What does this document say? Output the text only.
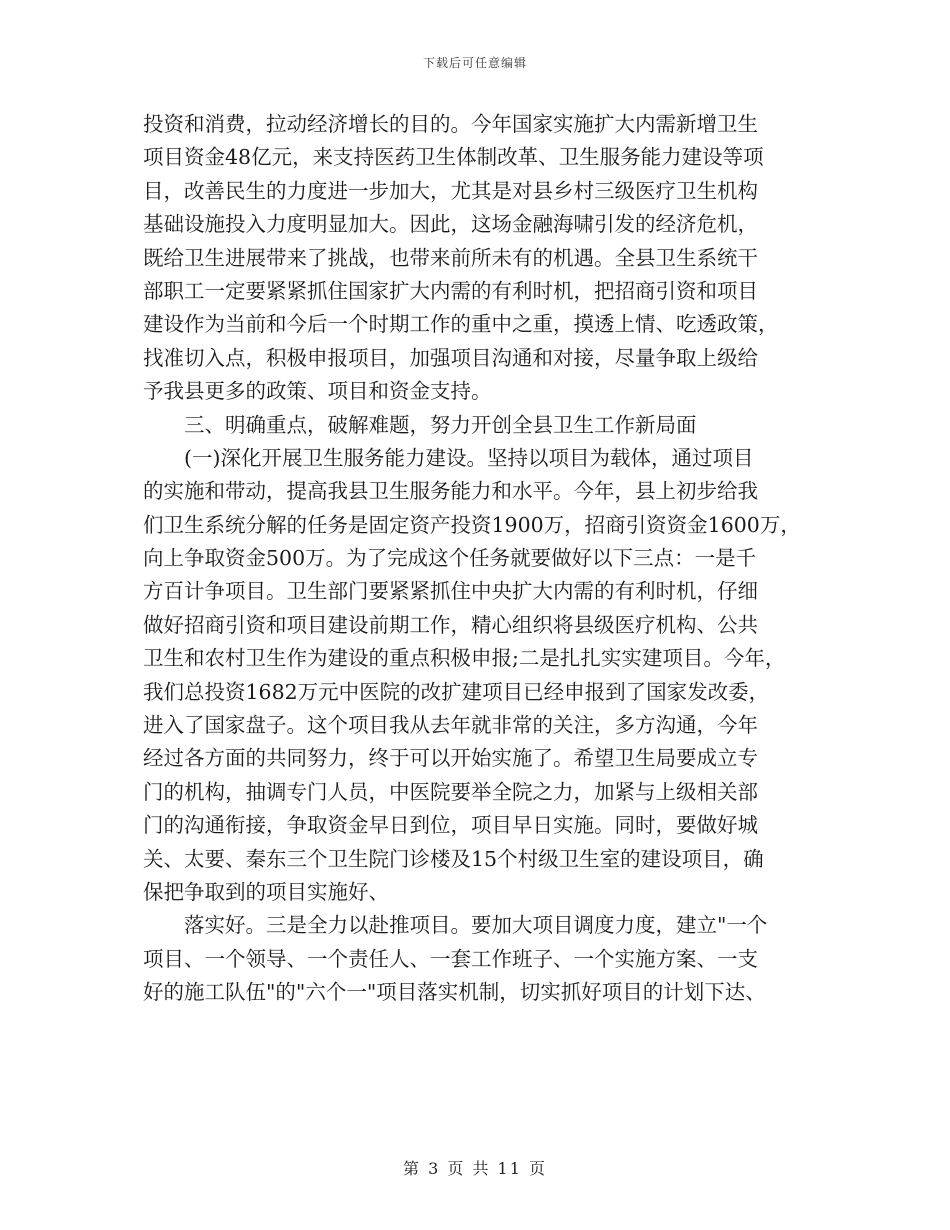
下载后可任意编辑
投资和消费，拉动经济增长的目的。今年国家实施扩大内需新增卫生
项目资金48亿元，来支持医药卫生体制改革、卫生服务能力建设等项
目，改善民生的力度进一步加大，尤其是对县乡村三级医疗卫生机构
基础设施投入力度明显加大。因此，这场金融海啸引发的经济危机，
既给卫生进展带来了挑战，也带来前所未有的机遇。全县卫生系统干
部职工一定要紧紧抓住国家扩大内需的有利时机，把招商引资和项目
建设作为当前和今后一个时期工作的重中之重，摸透上情、吃透政策，
找准切入点，积极申报项目，加强项目沟通和对接，尽量争取上级给
予我县更多的政策、项目和资金支持。
三、明确重点，破解难题，努力开创全县卫生工作新局面
(一)深化开展卫生服务能力建设。坚持以项目为载体，通过项目
的实施和带动，提高我县卫生服务能力和水平。今年，县上初步给我
们卫生系统分解的任务是固定资产投资1900万，招商引资资金1600万，
向上争取资金500万。为了完成这个任务就要做好以下三点：一是千
方百计争项目。卫生部门要紧紧抓住中央扩大内需的有利时机，仔细
做好招商引资和项目建设前期工作，精心组织将县级医疗机构、公共
卫生和农村卫生作为建设的重点积极申报;二是扎扎实实建项目。今年，
我们总投资1682万元中医院的改扩建项目已经申报到了国家发改委，
进入了国家盘子。这个项目我从去年就非常的关注，多方沟通，今年
经过各方面的共同努力，终于可以开始实施了。希望卫生局要成立专
门的机构，抽调专门人员，中医院要举全院之力，加紧与上级相关部
门的沟通衔接，争取资金早日到位，项目早日实施。同时，要做好城
关、太要、秦东三个卫生院门诊楼及15个村级卫生室的建设项目，确
保把争取到的项目实施好、
落实好。三是全力以赴推项目。要加大项目调度力度，建立"一个
项目、一个领导、一个责任人、一套工作班子、一个实施方案、一支
好的施工队伍"的"六个一"项目落实机制，切实抓好项目的计划下达、
第 3 页 共 11 页
